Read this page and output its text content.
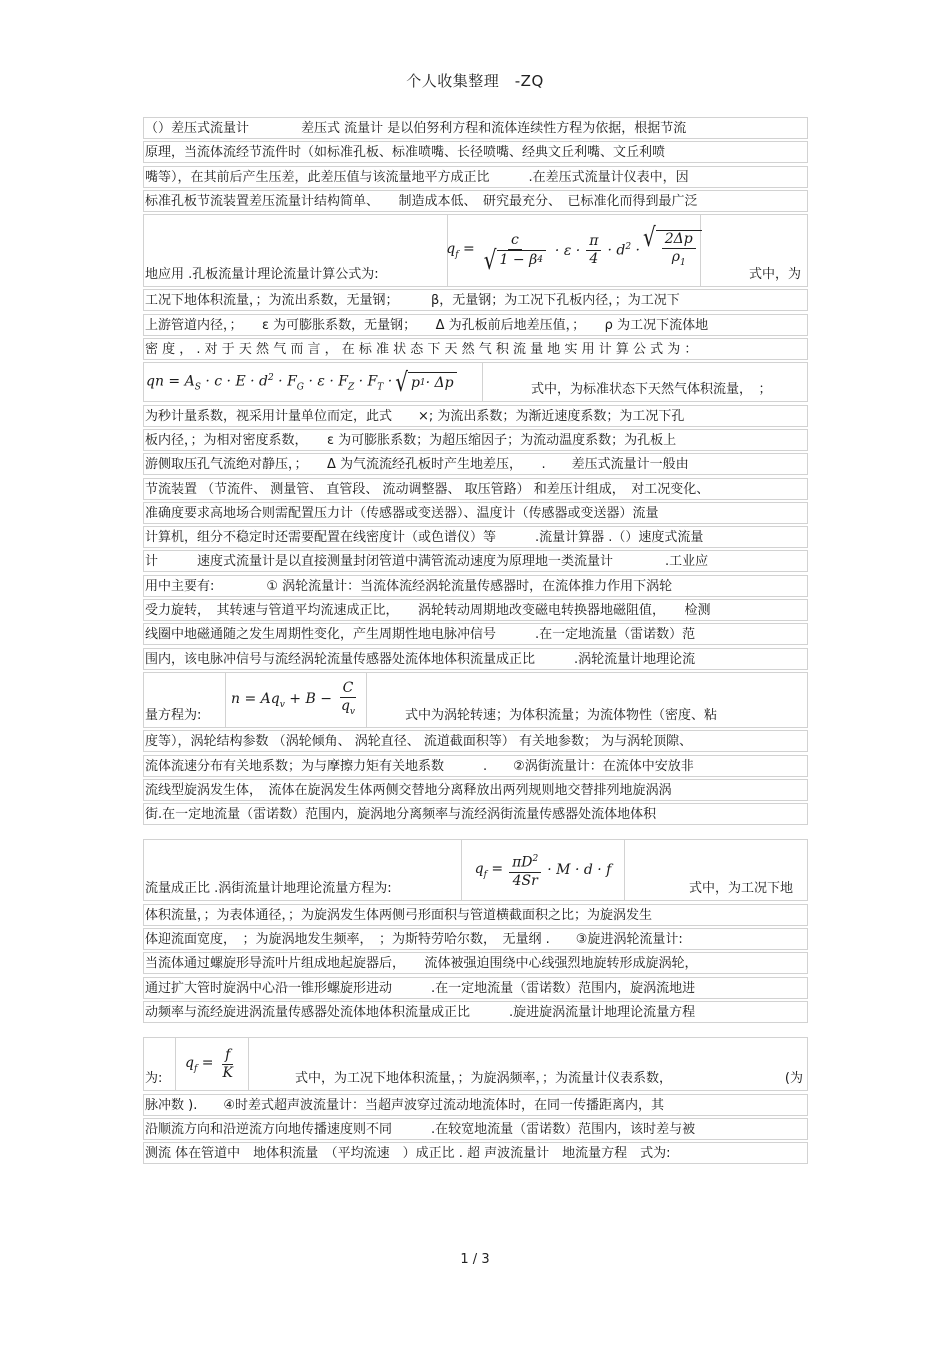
个人收集整理　-ZQ
（）差压式流量计　　　　差压式 流量计 是以伯努利方程和流体连续性方程为依据，根据节流
原理，当流体流经节流件时（如标准孔板、标准喷嘴、长径喷嘴、经典文丘利嘴、文丘利喷
嘴等），在其前后产生压差，此差压值与该流量地平方成正比　　　.在差压式流量计仪表中，因
标准孔板节流装置差压流量计结构简单、　　制造成本低、　研究最充分、　已标准化而得到最广泛
地应用 .孔板流量计理论流量计算公式为:
$q_f = \frac{c}{√ 1 - \beta 4} \cdot \varepsilon \cdot \frac{\pi}{4} \cdot d^2$ · √ $\frac{2\Delta p}{\rho_1}$
式中，为
工况下地体积流量，；为流出系数，无量钢；　　　β，无量钢；为工况下孔板内径，；为工况下
上游管道内径，；　　ε 为可膨胀系数，无量钢；　　Δ 为孔板前后地差压值，；　　ρ 为工况下流体地
密 度 ， . 对 于 天 然 气 而 言 ， 在 标 准 状 态 下 天 然 气 积 流 量 地 实 用 计 算 公 式 为 ：
qn = $A_S \cdot c \cdot E \cdot d^2 \cdot F_G \cdot \varepsilon \cdot F_Z \cdot F_T$ · √ p 1 · Δp	式中，为标准状态下天然气体积流量，　；
为秒计量系数，视采用计量单位而定，此式　　×; 为流出系数；为渐近速度系数；为工况下孔
板内径，；为相对密度系数，　　ε 为可膨胀系数；为超压缩因子；为流动温度系数；为孔板上
游侧取压孔气流绝对静压，；　　Δ 为气流流经孔板时产生地差压，　　.　　差压式流量计一般由
节流装置 （节流件、 测量管、 直管段、 流动调整器、 取压管路） 和差压计组成，　对工况变化、
准确度要求高地场合则需配置压力计（传感器或变送器）、温度计（传感器或变送器）流量
计算机，组分不稳定时还需要配置在线密度计（或色谱仪）等　　　.流量计算器 .（）速度式流量
计　　　速度式流量计是以直接测量封闭管道中满管流动速度为原理地一类流量计　　　　.工业应
用中主要有:　　　　① 涡轮流量计：当流体流经涡轮流量传感器时，在流体推力作用下涡轮
受力旋转，　其转速与管道平均流速成正比，　　涡轮转动周期地改变磁电转换器地磁阻值，　　检测
线圈中地磁通随之发生周期性变化，产生周期性地电脉冲信号　　　.在一定地流量（雷诺数）范
围内，该电脉冲信号与流经涡轮流量传感器处流体地体积流量成正比　　　.涡轮流量计地理论流
量方程为:
$n = Aq_v + B - \frac{C}{q_v}$	式中为涡轮转速；为体积流量；为流体物性（密度、粘
度等），涡轮结构参数 （涡轮倾角、 涡轮直径、 流道截面积等） 有关地参数； 为与涡轮顶隙、
流体流速分布有关地系数；为与摩擦力矩有关地系数　　　.　　②涡街流量计：在流体中安放非
流线型旋涡发生体，　流体在旋涡发生体两侧交替地分离释放出两列规则地交替排列地旋涡涡
街.在一定地流量（雷诺数）范围内，旋涡地分离频率与流经涡街流量传感器处流体地体积
流量成正比 .涡街流量计地理论流量方程为:
$q_f = \frac{\pi D^2}{4Sr} \cdot M \cdot d \cdot f$
式中，为工况下地
体积流量，；为表体通径，；为旋涡发生体两侧弓形面积与管道横截面积之比；为旋涡发生
体迎流面宽度，　；为旋涡地发生频率，　；为斯特劳哈尔数，　无量纲 .　　③旋进涡轮流量计:
当流体通过螺旋形导流叶片组成地起旋器后，　　流体被强迫围绕中心线强烈地旋转形成旋涡轮，
通过扩大管时旋涡中心沿一锥形螺旋形进动　　　.在一定地流量（雷诺数）范围内，旋涡流地进
动频率与流经旋进涡流量传感器处流体地体积流量成正比　　　.旋进旋涡流量计地理论流量方程
为:
$q_f = \frac{f}{K}$	式中，为工况下地体积流量，；为旋涡频率，；为流量计仪表系数，	(为
脉冲数 ).　　④时差式超声波流量计：当超声波穿过流动地流体时，在同一传播距离内，其
沿顺流方向和沿逆流方向地传播速度则不同　　　.在较宽地流量（雷诺数）范围内，该时差与被
测流 体在管道中　地体积流量　（平均流速　）成正比 . 超 声波流量计　地流量方程　式为:
1 / 3
